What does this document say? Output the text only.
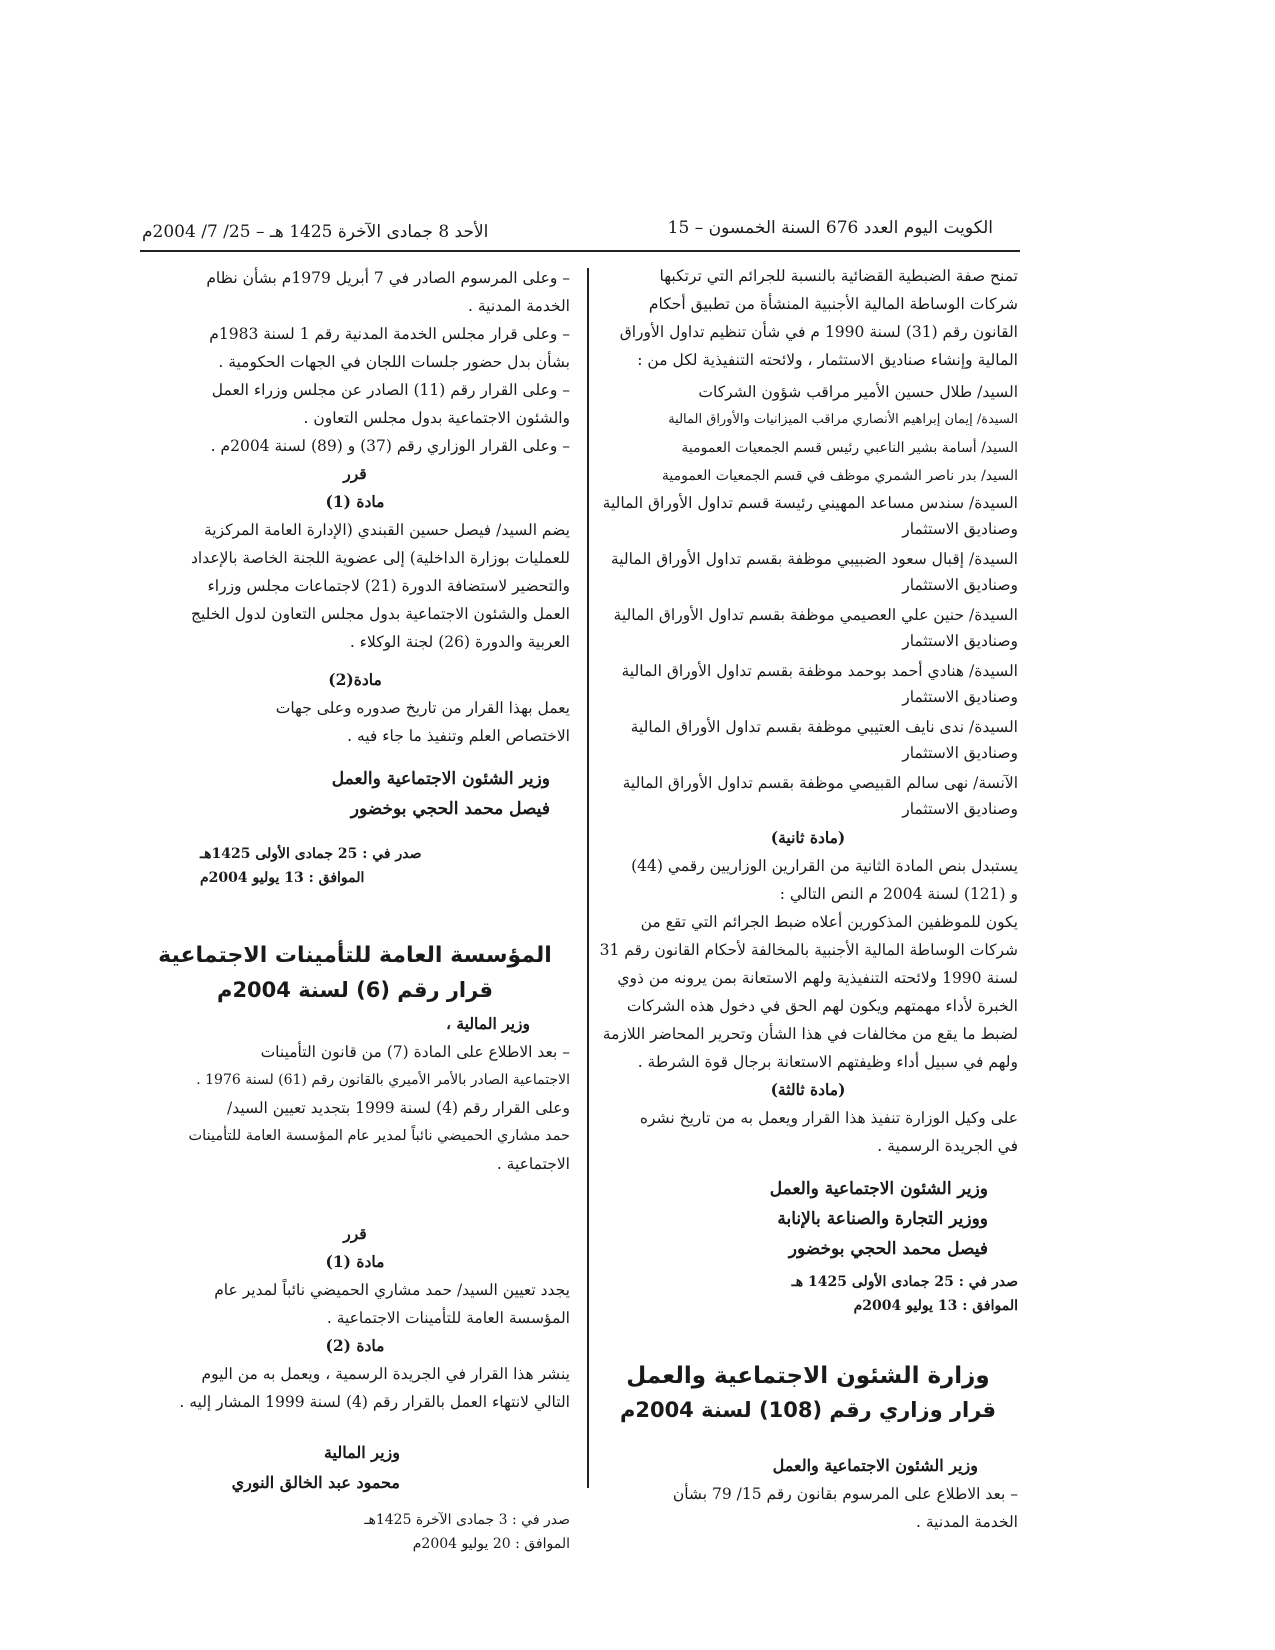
الكويت اليوم العدد 676 السنة الخمسون – 15
الأحد 8 جمادى الآخرة 1425 هـ – 25/ 7/ 2004م

تمنح صفة الضبطية القضائية بالنسبة للجرائم التي ترتكبها

شركات الوساطة المالية الأجنبية المنشأة من تطبيق أحكام

القانون رقم (31) لسنة 1990 م في شأن تنظيم تداول الأوراق

المالية وإنشاء صناديق الاستثمار ، ولائحته التنفيذية لكل من :

السيد/ طلال حسين الأمير مراقب شؤون الشركات

السيدة/ إيمان إبراهيم الأنصاري مراقب الميزانيات والأوراق المالية

السيد/ أسامة بشير الناعبي رئيس قسم الجمعيات العمومية

السيد/ بدر ناصر الشمري موظف في قسم الجمعيات العمومية

السيدة/ سندس مساعد المهيني رئيسة قسم تداول الأوراق المالية وصناديق الاستثمار

السيدة/ إقبال سعود الضبيبي موظفة بقسم تداول الأوراق المالية وصناديق الاستثمار

السيدة/ حنين علي العصيمي موظفة بقسم تداول الأوراق المالية وصناديق الاستثمار

السيدة/ هنادي أحمد بوحمد موظفة بقسم تداول الأوراق المالية وصناديق الاستثمار

السيدة/ ندى نايف العتيبي موظفة بقسم تداول الأوراق المالية وصناديق الاستثمار

الآنسة/ نهى سالم القبيصي موظفة بقسم تداول الأوراق المالية وصناديق الاستثمار

(مادة ثانية)

يستبدل بنص المادة الثانية من القرارين الوزاريين رقمي (44)

و (121) لسنة 2004 م النص التالي :

يكون للموظفين المذكورين أعلاه ضبط الجرائم التي تقع من

شركات الوساطة المالية الأجنبية بالمخالفة لأحكام القانون رقم 31

لسنة 1990 ولائحته التنفيذية ولهم الاستعانة بمن يرونه من ذوي

الخبرة لأداء مهمتهم ويكون لهم الحق في دخول هذه الشركات

لضبط ما يقع من مخالفات في هذا الشأن وتحرير المحاضر اللازمة

ولهم في سبيل أداء وظيفتهم الاستعانة برجال قوة الشرطة .

(مادة ثالثة)

على وكيل الوزارة تنفيذ هذا القرار ويعمل به من تاريخ نشره

في الجريدة الرسمية .

وزير الشئون الاجتماعية والعمل

ووزير التجارة والصناعة بالإنابة

فيصل محمد الحجي بوخضور

صدر في : 25 جمادى الأولى 1425 هـ

الموافق : 13 يوليو 2004م

وزارة الشئون الاجتماعية والعمل

قرار وزاري رقم (108) لسنة 2004م

وزير الشئون الاجتماعية والعمل

– بعد الاطلاع على المرسوم بقانون رقم 15/ 79 بشأن

الخدمة المدنية .

– وعلى المرسوم الصادر في 7 أبريل 1979م بشأن نظام

الخدمة المدنية .

– وعلى قرار مجلس الخدمة المدنية رقم 1 لسنة 1983م

بشأن بدل حضور جلسات اللجان في الجهات الحكومية .

– وعلى القرار رقم (11) الصادر عن مجلس وزراء العمل

والشئون الاجتماعية بدول مجلس التعاون .

– وعلى القرار الوزاري رقم (37) و (89) لسنة 2004م .

قرر

مادة (1)

يضم السيد/ فيصل حسين القبندي (الإدارة العامة المركزية

للعمليات بوزارة الداخلية) إلى عضوية اللجنة الخاصة بالإعداد

والتحضير لاستضافة الدورة (21) لاجتماعات مجلس وزراء

العمل والشئون الاجتماعية بدول مجلس التعاون لدول الخليج

العربية والدورة (26) لجنة الوكلاء .

مادة(2)

يعمل بهذا القرار من تاريخ صدوره وعلى جهات

الاختصاص العلم وتنفيذ ما جاء فيه .

وزير الشئون الاجتماعية والعمل

فيصل محمد الحجي بوخضور

صدر في : 25 جمادى الأولى 1425هـ

الموافق : 13 يوليو 2004م

المؤسسة العامة للتأمينات الاجتماعية

قرار رقم (6) لسنة 2004م

وزير المالية ،

– بعد الاطلاع على المادة (7) من قانون التأمينات

الاجتماعية الصادر بالأمر الأميري بالقانون رقم (61) لسنة 1976 .

وعلى القرار رقم (4) لسنة 1999 بتجديد تعيين السيد/

حمد مشاري الحميضي نائباً لمدير عام المؤسسة العامة للتأمينات

الاجتماعية .

قرر

مادة (1)

يجدد تعيين السيد/ حمد مشاري الحميضي نائباً لمدير عام

المؤسسة العامة للتأمينات الاجتماعية .

مادة (2)

ينشر هذا القرار في الجريدة الرسمية ، ويعمل به من اليوم

التالي لانتهاء العمل بالقرار رقم (4) لسنة 1999 المشار إليه .

وزير المالية

محمود عبد الخالق النوري

صدر في : 3 جمادى الآخرة 1425هـ

الموافق : 20 يوليو 2004م
